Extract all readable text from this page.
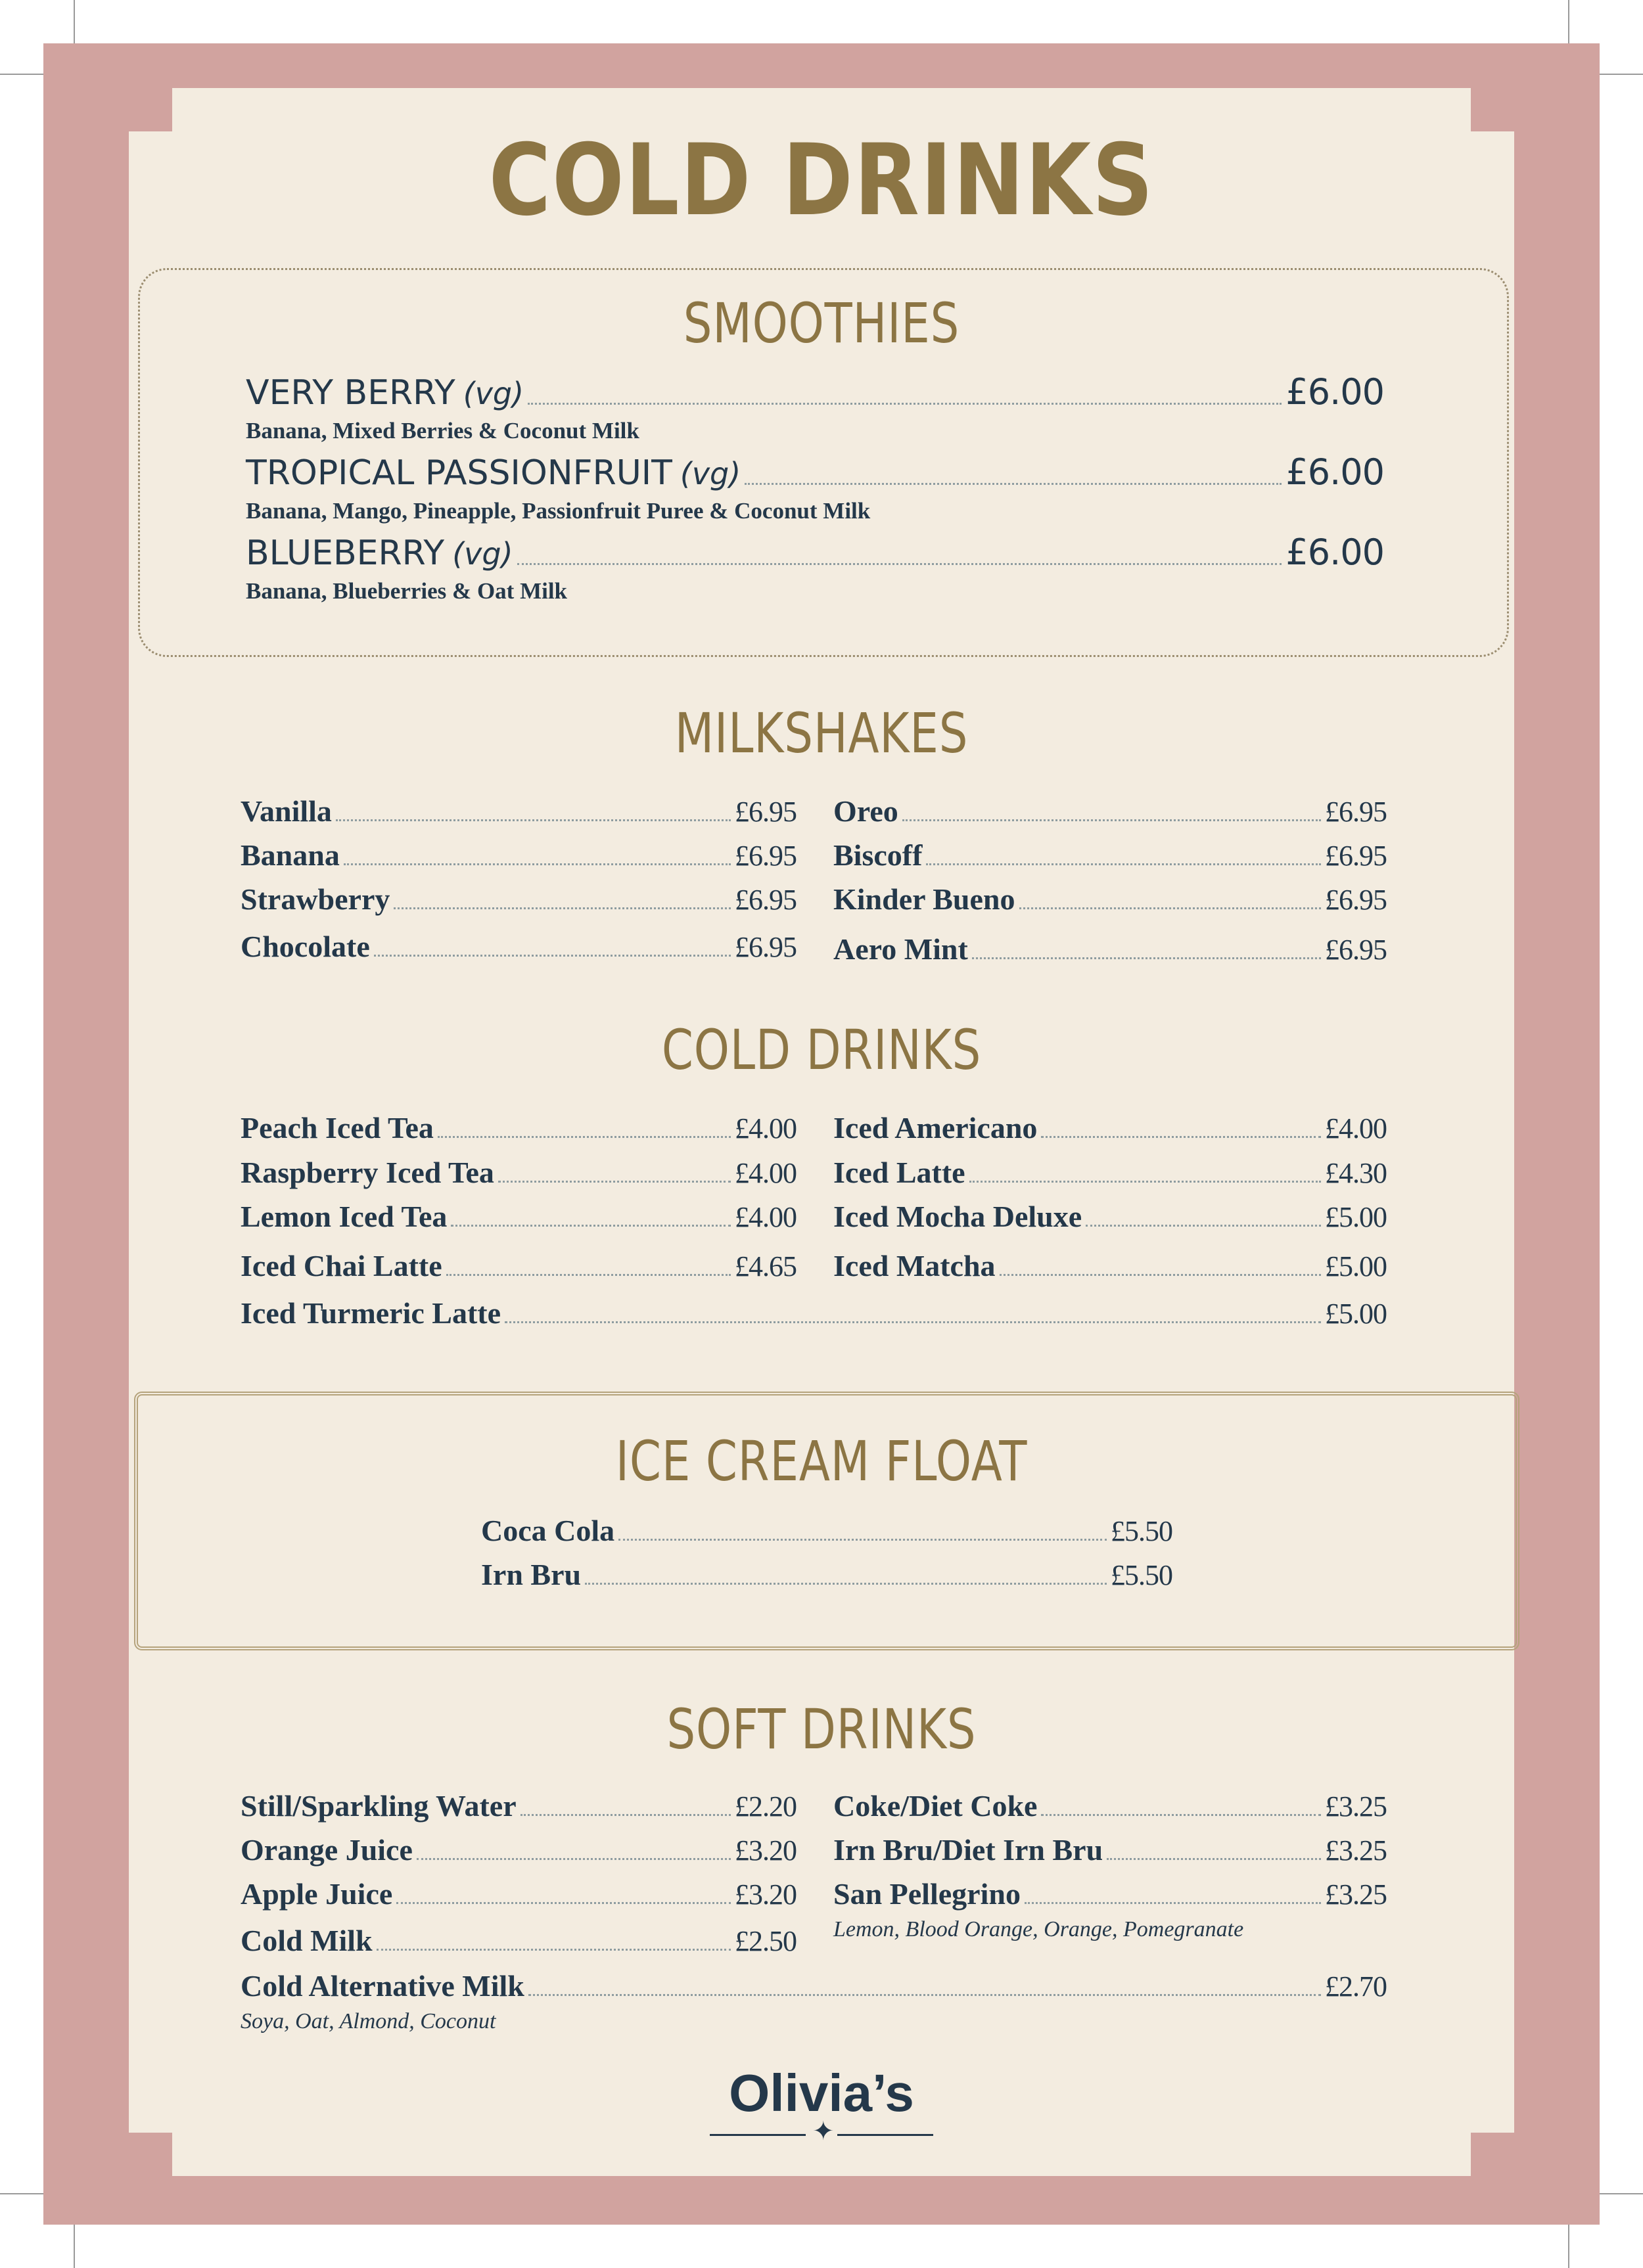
COLD DRINKS
SMOOTHIES
VERY BERRY (vg)	£6.00
Banana, Mixed Berries & Coconut Milk
TROPICAL PASSIONFRUIT (vg)	£6.00
Banana, Mango, Pineapple, Passionfruit Puree & Coconut Milk
BLUEBERRY (vg)	£6.00
Banana, Blueberries & Oat Milk
MILKSHAKES
Vanilla	£6.95
Banana	£6.95
Strawberry	£6.95
Chocolate	£6.95
Oreo	£6.95
Biscoff	£6.95
Kinder Bueno	£6.95
Aero Mint	£6.95
COLD DRINKS
Peach Iced Tea	£4.00
Raspberry Iced Tea	£4.00
Lemon Iced Tea	£4.00
Iced Chai Latte	£4.65
Iced Americano	£4.00
Iced Latte	£4.30
Iced Mocha Deluxe	£5.00
Iced Matcha	£5.00
Iced Turmeric Latte	£5.00
ICE CREAM FLOAT
Coca Cola	£5.50
Irn Bru	£5.50
SOFT DRINKS
Still/Sparkling Water	£2.20
Orange Juice	£3.20
Apple Juice	£3.20
Cold Milk	£2.50
Coke/Diet Coke	£3.25
Irn Bru/Diet Irn Bru	£3.25
San Pellegrino	£3.25
Lemon, Blood Orange, Orange, Pomegranate
Cold Alternative Milk	£2.70
Soya, Oat, Almond, Coconut
Olivia’s
✦
